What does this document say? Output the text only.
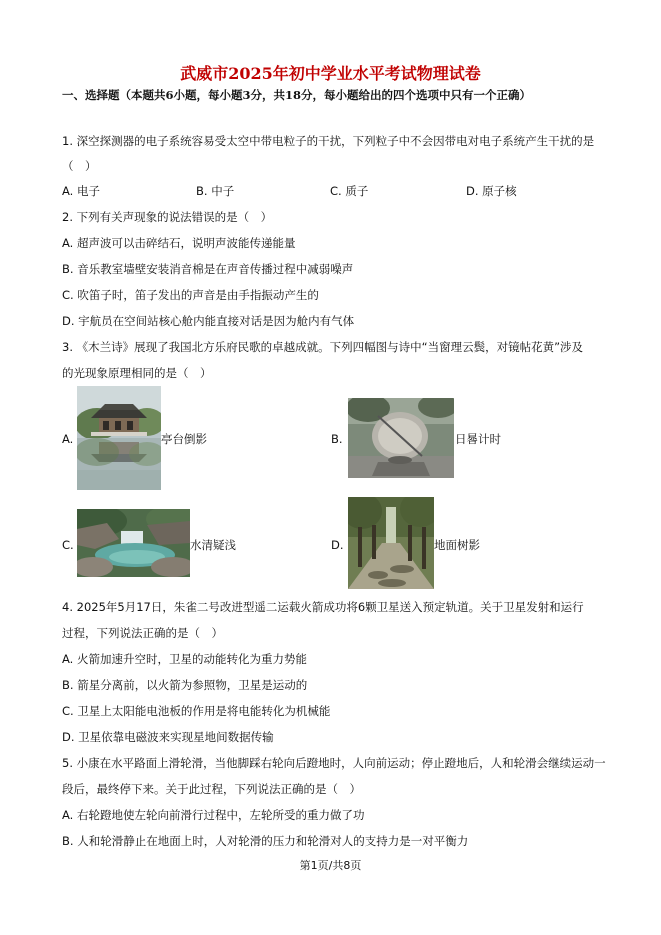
武威市2025年初中学业水平考试物理试卷
一、选择题（本题共6小题，每小题3分，共18分，每小题给出的四个选项中只有一个正确）
1. 深空探测器的电子系统容易受太空中带电粒子的干扰，下列粒子中不会因带电对电子系统产生干扰的是
（　）
A. 电子	B. 中子	C. 质子	D. 原子核
2. 下列有关声现象的说法错误的是（　）
A. 超声波可以击碎结石，说明声波能传递能量
B. 音乐教室墙壁安装消音棉是在声音传播过程中减弱噪声
C. 吹笛子时，笛子发出的声音是由手指振动产生的
D. 宇航员在空间站核心舱内能直接对话是因为舱内有气体
3. 《木兰诗》展现了我国北方乐府民歌的卓越成就。下列四幅图与诗中“当窗理云鬓，对镜帖花黄”涉及
的光现象原理相同的是（　）
A.	亭台倒影	B.	日晷计时
C.	水清疑浅	D.	地面树影
4. 2025年5月17日，朱雀二号改进型遥二运载火箭成功将6颗卫星送入预定轨道。关于卫星发射和运行
过程，下列说法正确的是（　）
A. 火箭加速升空时，卫星的动能转化为重力势能
B. 箭星分离前，以火箭为参照物，卫星是运动的
C. 卫星上太阳能电池板的作用是将电能转化为机械能
D. 卫星依靠电磁波来实现星地间数据传输
5. 小康在水平路面上滑轮滑，当他脚踩右轮向后蹬地时，人向前运动；停止蹬地后，人和轮滑会继续运动一
段后，最终停下来。关于此过程，下列说法正确的是（　）
A. 右轮蹬地使左轮向前滑行过程中，左轮所受的重力做了功
B. 人和轮滑静止在地面上时，人对轮滑的压力和轮滑对人的支持力是一对平衡力
第1页/共8页
